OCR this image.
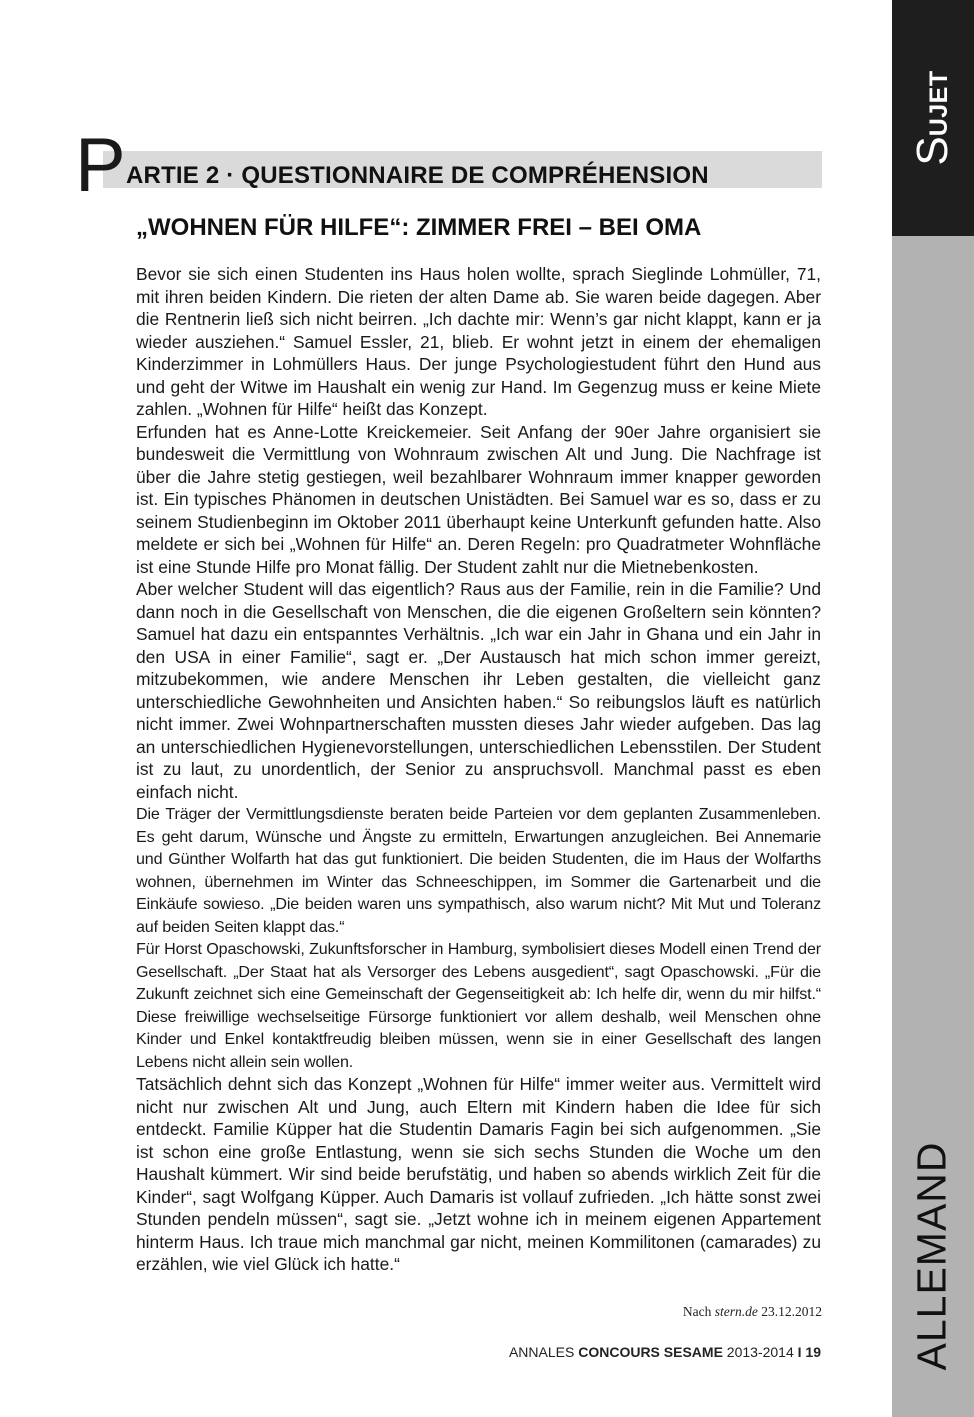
SUJET
ALLEMAND
P ARTIE 2 · QUESTIONNAIRE DE COMPRÉHENSION
„WOHNEN FÜR HILFE“: ZIMMER FREI – BEI OMA

Bevor sie sich einen Studenten ins Haus holen wollte, sprach Sieglinde Lohmüller, 71, mit ihren beiden Kindern. Die rieten der alten Dame ab. Sie waren beide dagegen. Aber die Rentnerin ließ sich nicht beirren. „Ich dachte mir: Wenn’s gar nicht klappt, kann er ja wieder ausziehen.“ Samuel Essler, 21, blieb. Er wohnt jetzt in einem der ehemaligen Kinderzimmer in Lohmüllers Haus. Der junge Psychologiestudent führt den Hund aus und geht der Witwe im Haushalt ein wenig zur Hand. Im Gegenzug muss er keine Miete zahlen. „Wohnen für Hilfe“ heißt das Konzept.

Erfunden hat es Anne-Lotte Kreickemeier. Seit Anfang der 90er Jahre organisiert sie bundesweit die Vermittlung von Wohnraum zwischen Alt und Jung. Die Nachfrage ist über die Jahre stetig gestiegen, weil bezahlbarer Wohnraum immer knapper geworden ist. Ein typisches Phänomen in deutschen Unistädten. Bei Samuel war es so, dass er zu seinem Studienbeginn im Oktober 2011 überhaupt keine Unterkunft gefunden hatte. Also meldete er sich bei „Wohnen für Hilfe“ an. Deren Regeln: pro Quadratmeter Wohnfläche ist eine Stunde Hilfe pro Monat fällig. Der Student zahlt nur die Mietnebenkosten.

Aber welcher Student will das eigentlich? Raus aus der Familie, rein in die Familie? Und dann noch in die Gesellschaft von Menschen, die die eigenen Großeltern sein könnten? Samuel hat dazu ein entspanntes Verhältnis. „Ich war ein Jahr in Ghana und ein Jahr in den USA in einer Familie“, sagt er. „Der Austausch hat mich schon immer gereizt, mitzubekommen, wie andere Menschen ihr Leben gestalten, die vielleicht ganz unterschiedliche Gewohnheiten und Ansichten haben.“ So reibungslos läuft es natürlich nicht immer. Zwei Wohnpartnerschaften mussten dieses Jahr wieder aufgeben. Das lag an unterschiedlichen Hygienevorstellungen, unterschiedlichen Lebensstilen. Der Student ist zu laut, zu unordentlich, der Senior zu anspruchsvoll. Manchmal passt es eben einfach nicht.

Die Träger der Vermittlungsdienste beraten beide Parteien vor dem geplanten Zusammenleben. Es geht darum, Wünsche und Ängste zu ermitteln, Erwartungen anzugleichen. Bei Annemarie und Günther Wolfarth hat das gut funktioniert. Die beiden Studenten, die im Haus der Wolfarths wohnen, übernehmen im Winter das Schneeschippen, im Sommer die Gartenarbeit und die Einkäufe sowieso. „Die beiden waren uns sympathisch, also warum nicht? Mit Mut und Toleranz auf beiden Seiten klappt das.“

Für Horst Opaschowski, Zukunftsforscher in Hamburg, symbolisiert dieses Modell einen Trend der Gesellschaft. „Der Staat hat als Versorger des Lebens ausgedient“, sagt Opaschowski. „Für die Zukunft zeichnet sich eine Gemeinschaft der Gegenseitigkeit ab: Ich helfe dir, wenn du mir hilfst.“ Diese freiwillige wechselseitige Fürsorge funktioniert vor allem deshalb, weil Menschen ohne Kinder und Enkel kontaktfreudig bleiben müssen, wenn sie in einer Gesellschaft des langen Lebens nicht allein sein wollen.

Tatsächlich dehnt sich das Konzept „Wohnen für Hilfe“ immer weiter aus. Vermittelt wird nicht nur zwischen Alt und Jung, auch Eltern mit Kindern haben die Idee für sich entdeckt. Familie Küpper hat die Studentin Damaris Fagin bei sich aufgenommen. „Sie ist schon eine große Entlastung, wenn sie sich sechs Stunden die Woche um den Haushalt kümmert. Wir sind beide berufstätig, und haben so abends wirklich Zeit für die Kinder“, sagt Wolfgang Küpper. Auch Damaris ist vollauf zufrieden. „Ich hätte sonst zwei Stunden pendeln müssen“, sagt sie. „Jetzt wohne ich in meinem eigenen Appartement hinterm Haus. Ich traue mich manchmal gar nicht, meinen Kommilitonen (camarades) zu erzählen, wie viel Glück ich hatte.“

Nach stern.de 23.12.2012
ANNALES CONCOURS SESAME 2013-2014 I 19
